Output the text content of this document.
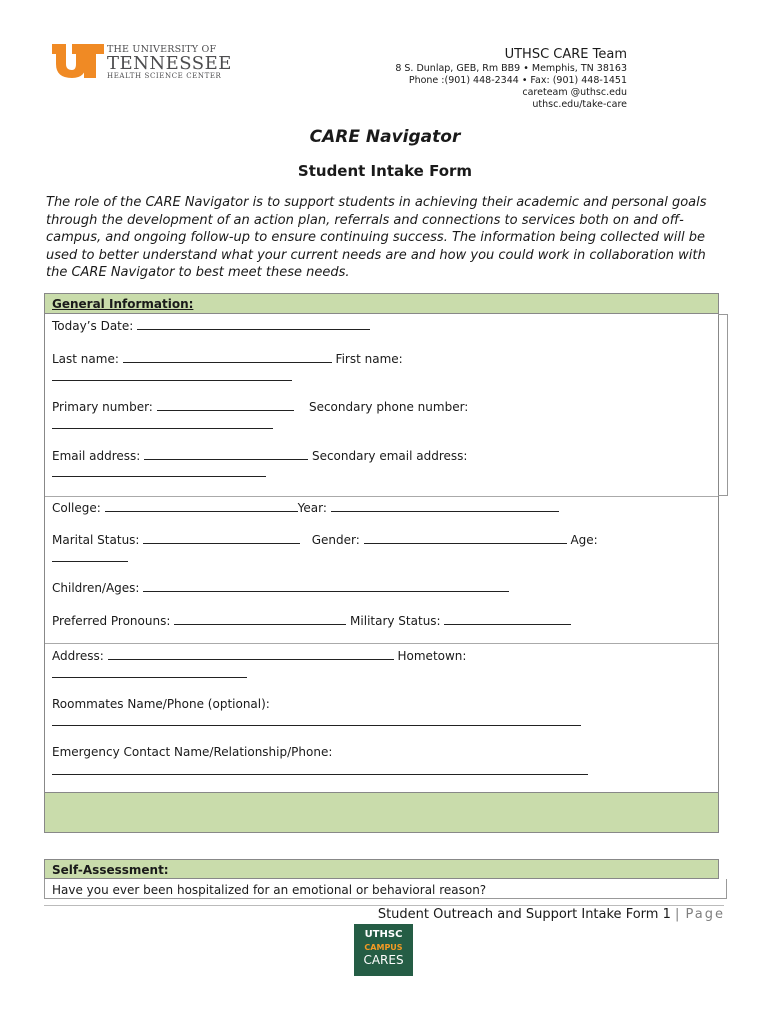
THE UNIVERSITY OF
TENNESSEE
HEALTH SCIENCE CENTER
UTHSC CARE Team
8 S. Dunlap, GEB, Rm BB9 • Memphis, TN 38163
Phone :(901) 448-2344 • Fax: (901) 448-1451
careteam @uthsc.edu
uthsc.edu/take-care
CARE Navigator
Student Intake Form
The role of the CARE Navigator is to support students in achieving their academic and personal goals through the development of an action plan, referrals and connections to services both on and off-campus, and ongoing follow-up to ensure continuing success. The information being collected will be used to better understand what your current needs are and how you could work in collaboration with the CARE Navigator to best meet these needs.
General Information:
Today’s Date:
Last name:	First name:
Primary number:	Secondary phone number:
Email address:	Secondary email address:
College:	Year:
Marital Status:	Gender:	Age:
Children/Ages:
Preferred Pronouns:	Military Status:
Address:	Hometown:
Roommates Name/Phone (optional):
Emergency Contact Name/Relationship/Phone:
Self-Assessment:
Have you ever been hospitalized for an emotional or behavioral reason?
Student Outreach and Support Intake Form 1 | Page
UTHSC
CAMPUS
CARES
